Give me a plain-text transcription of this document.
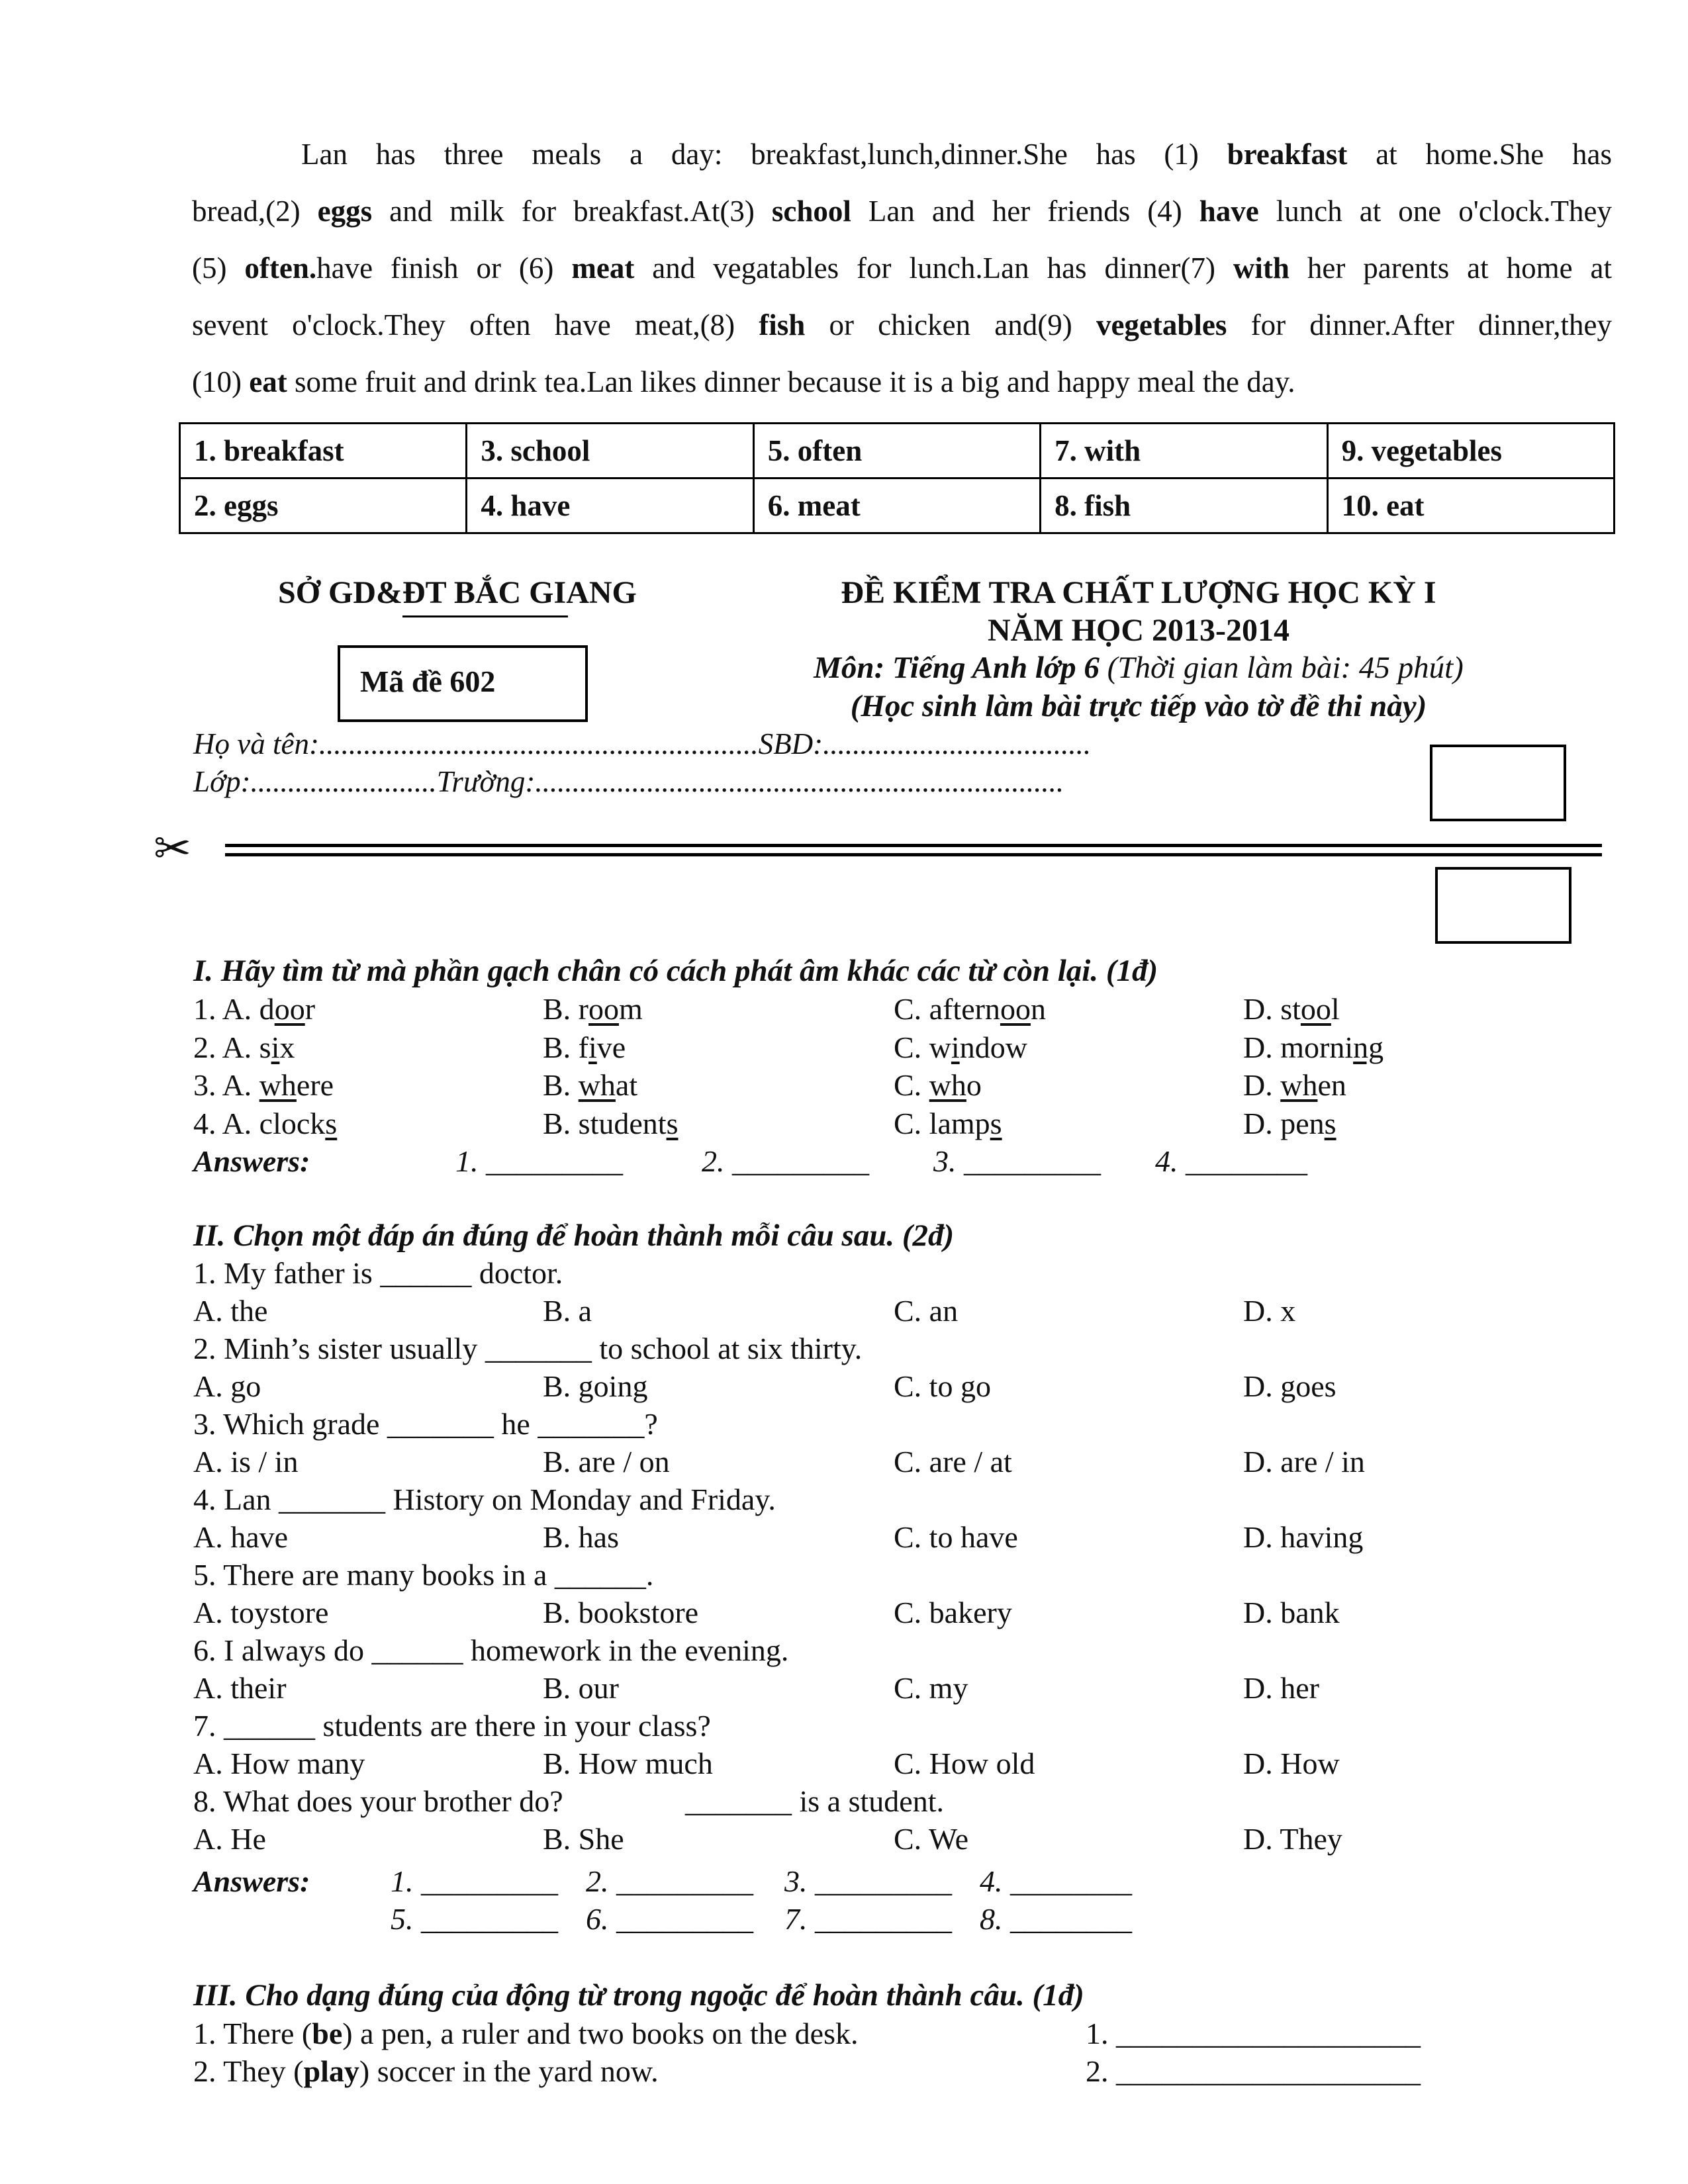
Lan has three meals a day: breakfast,lunch,dinner.She has (1) breakfast at home.She has
bread,(2) eggs and milk for breakfast.At(3) school Lan and her friends (4) have lunch at one o'clock.They
(5) often.have finish or (6) meat and vegatables for lunch.Lan has dinner(7) with her parents at home at
sevent o'clock.They often have meat,(8) fish or chicken and(9) vegetables for dinner.After dinner,they
(10) eat some fruit and drink tea.Lan likes dinner because it is a big and happy meal the day.
1. breakfast	3. school	5. often	7. with	9. vegetables
2. eggs	4. have	6. meat	8. fish	10. eat
SỞ GD&ĐT BẮC GIANG
Mã đề 602
ĐỀ KIỂM TRA CHẤT LƯỢNG HỌC KỲ I
NĂM HỌC 2013-2014
Môn: Tiếng Anh lớp 6 (Thời gian làm bài: 45 phút)
(Học sinh làm bài trực tiếp vào tờ đề thi này)
Họ và tên:...........................................................SBD:....................................
Lớp:.........................Trường:.......................................................................
✂
I. Hãy tìm từ mà phần gạch chân có cách phát âm khác các từ còn lại. (1đ)
1. A. door	B. room	C. afternoon	D. stool
2. A. six	B. five	C. window	D. morning
3. A. where	B. what	C. who	D. when
4. A. clocks	B. students	C. lamps	D. pens
Answers:	1. _________	2. _________ 3. _________ 4. ________
II. Chọn một đáp án đúng để hoàn thành mỗi câu sau. (2đ)
1. My father is ______ doctor.
A. the	B. a	C. an	D. x
2. Minh’s sister usually _______ to school at six thirty.
A. go	B. going	C. to go	D. goes
3. Which grade _______ he _______?
A. is / in	B. are / on	C. are / at	D. are / in
4. Lan _______ History on Monday and Friday.
A. have	B. has	C. to have	D. having
5. There are many books in a ______.
A. toystore	B. bookstore	C. bakery	D. bank
6. I always do ______ homework in the evening.
A. their	B. our	C. my	D. her
7. ______ students are there in your class?
A. How many	B. How much	C. How old	D. How
8. What does your brother do?	_______ is a student.
A. He	B. She	C. We	D. They
Answers:	1. _________ 2. _________ 3. _________ 4. ________
5. _________ 6. _________ 7. _________ 8. ________
III. Cho dạng đúng của động từ trong ngoặc để hoàn thành câu. (1đ)
1. There (be) a pen, a ruler and two books on the desk.	1. ____________________
2. They (play) soccer in the yard now.	2. ____________________
